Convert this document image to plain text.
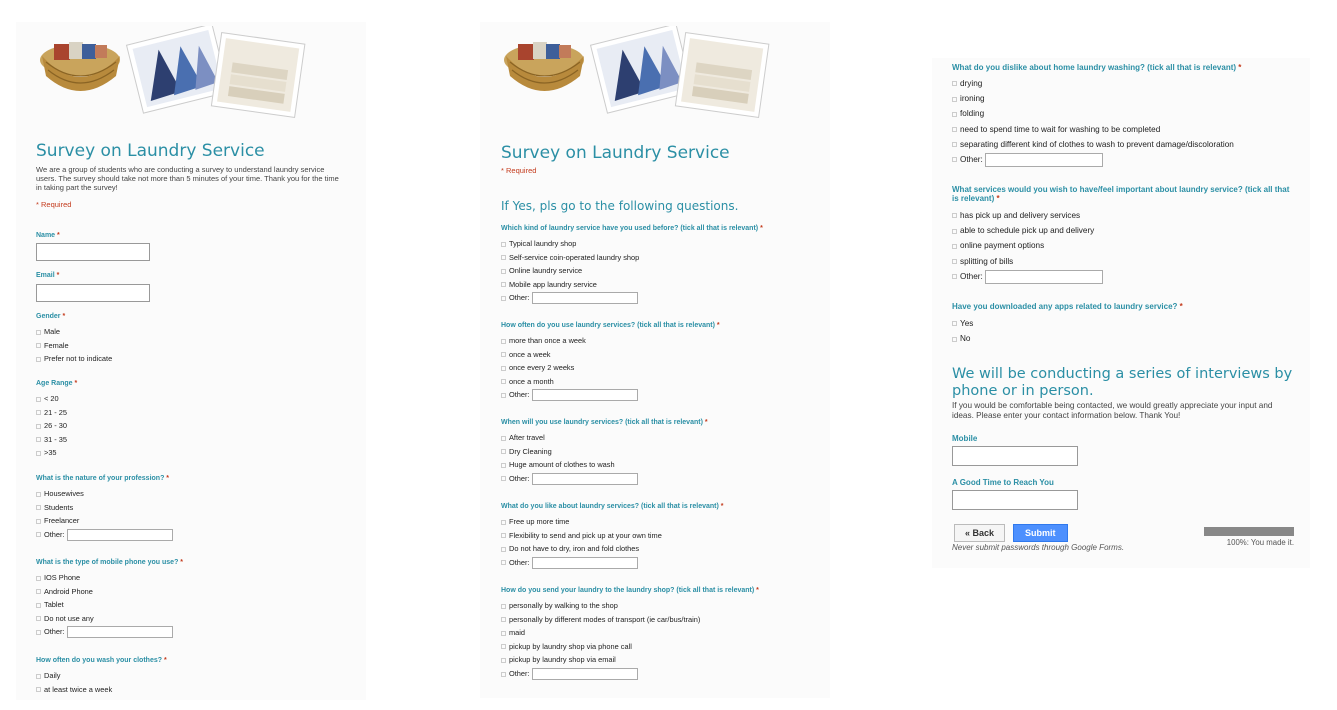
Survey on Laundry Service
We are a group of students who are conducting a survey to understand laundry service users. The survey should take not more than 5 minutes of your time. Thank you for the time in taking part the survey!
* Required
Name *
Email *
Gender *
Male
Female
Prefer not to indicate
Age Range *
< 20
21 - 25
26 - 30
31 - 35
>35
What is the nature of your profession? *
Housewives
Students
Freelancer
Other:
What is the type of mobile phone you use? *
IOS Phone
Android Phone
Tablet
Do not use any
Other:
How often do you wash your clothes? *
Daily
at least twice a week
Survey on Laundry Service
* Required
If Yes, pls go to the following questions.
Which kind of laundry service have you used before? (tick all that is relevant) *
Typical laundry shop
Self-service coin-operated laundry shop
Online laundry service
Mobile app laundry service
Other:
How often do you use laundry services? (tick all that is relevant) *
more than once a week
once a week
once every 2 weeks
once a month
Other:
When will you use laundry services? (tick all that is relevant) *
After travel
Dry Cleaning
Huge amount of clothes to wash
Other:
What do you like about laundry services? (tick all that is relevant) *
Free up more time
Flexibility to send and pick up at your own time
Do not have to dry, iron and fold clothes
Other:
How do you send your laundry to the laundry shop? (tick all that is relevant) *
personally by walking to the shop
personally by different modes of transport (ie car/bus/train)
maid
pickup by laundry shop via phone call
pickup by laundry shop via email
Other:
What do you dislike about home laundry washing? (tick all that is relevant) *
drying
ironing
folding
need to spend time to wait for washing to be completed
separating different kind of clothes to wash to prevent damage/discoloration
Other:
What services would you wish to have/feel important about laundry service? (tick all that is relevant) *
has pick up and delivery services
able to schedule pick up and delivery
online payment options
splitting of bills
Other:
Have you downloaded any apps related to laundry service? *
Yes
No
We will be conducting a series of interviews by phone or in person.
If you would be comfortable being contacted, we would greatly appreciate your input and ideas. Please enter your contact information below. Thank You!
Mobile
A Good Time to Reach You
« Back	Submit
Never submit passwords through Google Forms.
100%: You made it.
